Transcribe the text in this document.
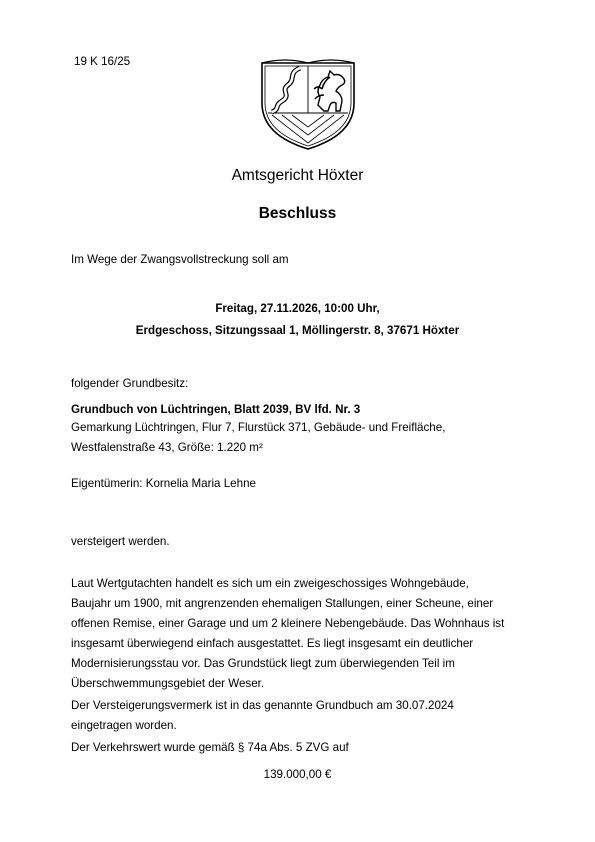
19 K 16/25
Amtsgericht Höxter
Beschluss
Im Wege der Zwangsvollstreckung soll am
Freitag, 27.11.2026, 10:00 Uhr,
Erdgeschoss, Sitzungssaal 1, Möllingerstr. 8, 37671 Höxter
folgender Grundbesitz:
Grundbuch von Lüchtringen, Blatt 2039, BV lfd. Nr. 3
Gemarkung Lüchtringen, Flur 7, Flurstück 371, Gebäude- und Freifläche,
Westfalenstraße 43, Größe: 1.220 m²
Eigentümerin: Kornelia Maria Lehne
versteigert werden.
Laut Wertgutachten handelt es sich um ein zweigeschossiges Wohngebäude,
Baujahr um 1900, mit angrenzenden ehemaligen Stallungen, einer Scheune, einer
offenen Remise, einer Garage und um 2 kleinere Nebengebäude. Das Wohnhaus ist
insgesamt überwiegend einfach ausgestattet. Es liegt insgesamt ein deutlicher
Modernisierungsstau vor. Das Grundstück liegt zum überwiegenden Teil im
Überschwemmungsgebiet der Weser.
Der Versteigerungsvermerk ist in das genannte Grundbuch am 30.07.2024
eingetragen worden.
Der Verkehrswert wurde gemäß § 74a Abs. 5 ZVG auf
139.000,00 €
